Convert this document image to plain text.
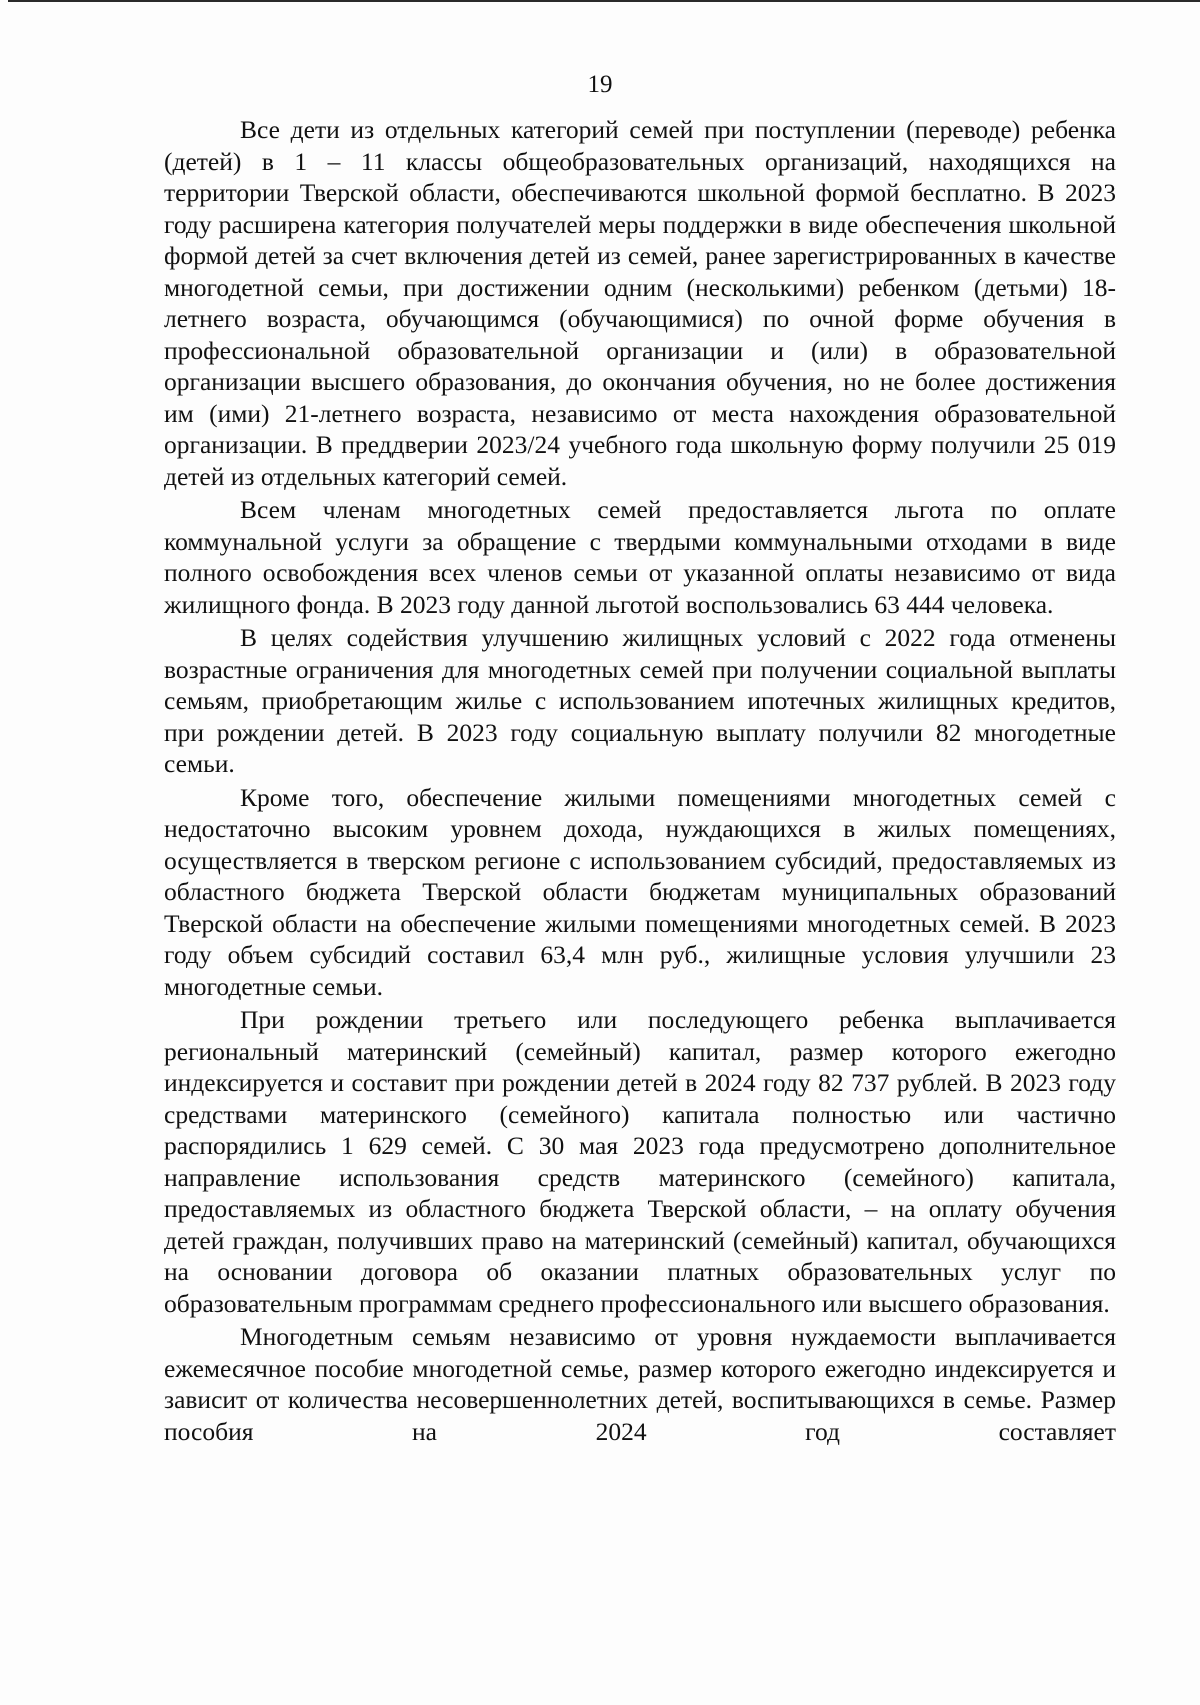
19

Все дети из отдельных категорий семей при поступлении (переводе) ребенка (детей) в 1 – 11 классы общеобразовательных организаций, находящихся на территории Тверской области, обеспечиваются школьной формой бесплатно. В 2023 году расширена категория получателей меры поддержки в виде обеспечения школьной формой детей за счет включения детей из семей, ранее зарегистрированных в качестве многодетной семьи, при достижении одним (несколькими) ребенком (детьми) 18-летнего возраста, обучающимся (обучающимися) по очной форме обучения в профессиональной образовательной организации и (или) в образовательной организации высшего образования, до окончания обучения, но не более достижения им (ими) 21-летнего возраста, независимо от места нахождения образовательной организации. В преддверии 2023/24 учебного года школьную форму получили 25 019 детей из отдельных категорий семей.

Всем членам многодетных семей предоставляется льгота по оплате коммунальной услуги за обращение с твердыми коммунальными отходами в виде полного освобождения всех членов семьи от указанной оплаты независимо от вида жилищного фонда. В 2023 году данной льготой воспользовались 63 444 человека.

В целях содействия улучшению жилищных условий с 2022 года отменены возрастные ограничения для многодетных семей при получении социальной выплаты семьям, приобретающим жилье с использованием ипотечных жилищных кредитов, при рождении детей. В 2023 году социальную выплату получили 82 многодетные семьи.

Кроме того, обеспечение жилыми помещениями многодетных семей с недостаточно высоким уровнем дохода, нуждающихся в жилых помещениях, осуществляется в тверском регионе с использованием субсидий, предоставляемых из областного бюджета Тверской области бюджетам муниципальных образований Тверской области на обеспечение жилыми помещениями многодетных семей. В 2023 году объем субсидий составил 63,4 млн руб., жилищные условия улучшили 23 многодетные семьи.

При рождении третьего или последующего ребенка выплачивается региональный материнский (семейный) капитал, размер которого ежегодно индексируется и составит при рождении детей в 2024 году 82 737 рублей. В 2023 году средствами материнского (семейного) капитала полностью или частично распорядились 1 629 семей. С 30 мая 2023 года предусмотрено дополнительное направление использования средств материнского (семейного) капитала, предоставляемых из областного бюджета Тверской области, – на оплату обучения детей граждан, получивших право на материнский (семейный) капитал, обучающихся на основании договора об оказании платных образовательных услуг по образовательным программам среднего профессионального или высшего образования.

Многодетным семьям независимо от уровня нуждаемости выплачивается ежемесячное пособие многодетной семье, размер которого ежегодно индексируется и зависит от количества несовершеннолетних детей, воспитывающихся в семье. Размер пособия на 2024 год составляет
